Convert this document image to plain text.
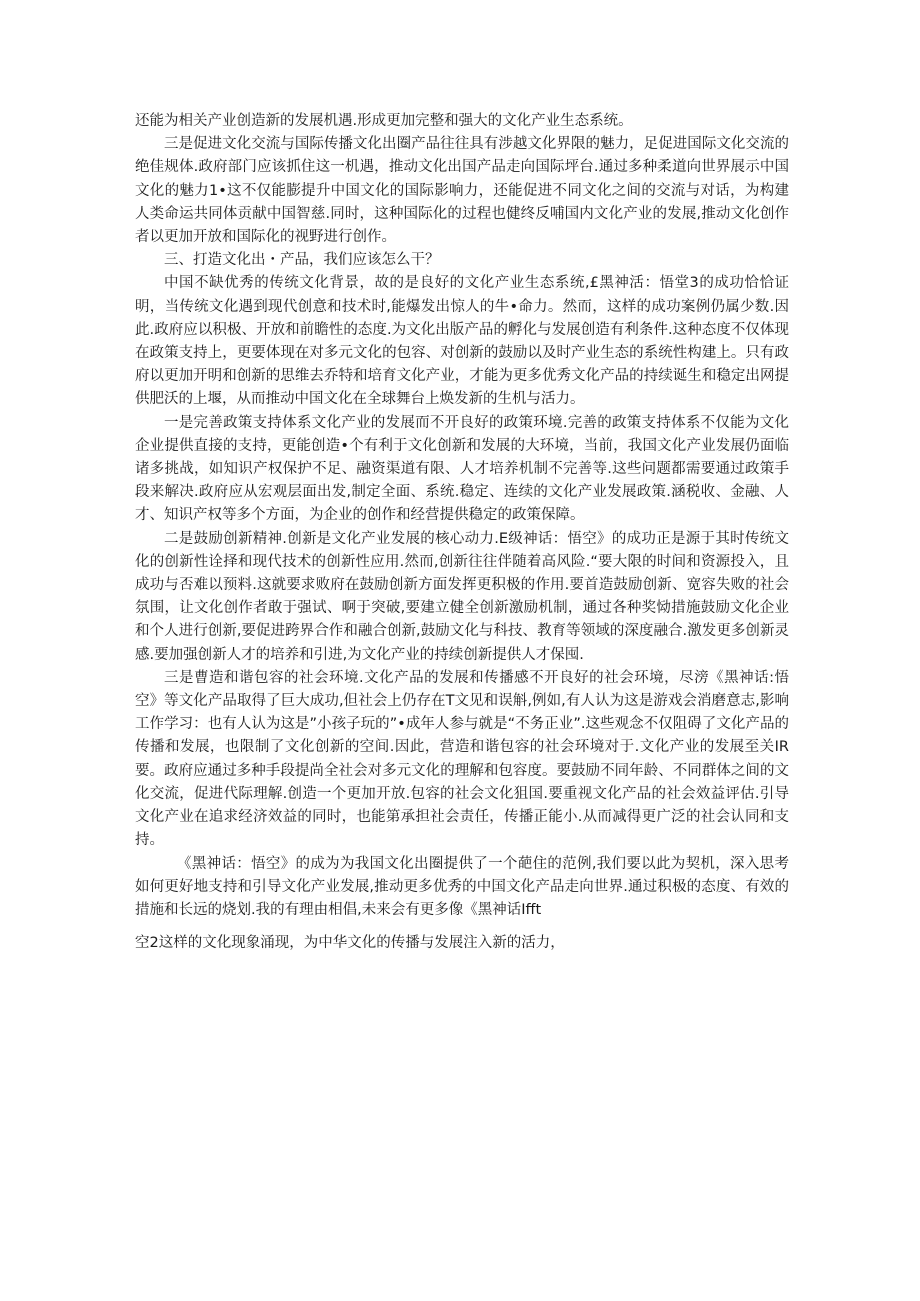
还能为相关产业创造新的发展机遇.形成更加完整和强大的文化产业生态系统。

三是促进文化交流与国际传播文化出圈产品往往具有涉越文化界限的魅力，足促进国际文化交流的绝佳规体.政府部门应该抓住这一机遇，推动文化出国产品走向国际坪台.通过多种柔道向世界展示中国文化的魅力1•这不仅能膨提升中国文化的国际影响力，还能促进不同文化之间的交流与对话，为构建人类命运共同体贡献中国智慈.同时，这种国际化的过程也健终反哺国内文化产业的发展,推动文化创作者以更加开放和国际化的视野进行创作。

三、打造文化出・产品，我们应该怎么干？

中国不缺优秀的传统文化背景，故的是良好的文化产业生态系统,£黑神活：悟堂3的成功恰恰证明，当传统文化遇到现代创意和技术时,能爆发出惊人的牛•命力。然而，这样的成功案例仍属少数.因此.政府应以积极、开放和前瞻性的态度.为文化出版产品的孵化与发展创造有利条件.这种态度不仅体现在政策支持上，更要体现在对多元文化的包容、对创新的鼓励以及时产业生态的系统性构建上。只有政府以更加开明和创新的思维去乔特和培育文化产业，才能为更多优秀文化产品的持续诞生和稳定出网提供肥沃的上堰，从而推动中国文化在全球舞台上焕发新的生机与活力。

一是完善政策支持体系文化产业的发展而不开良好的政策环境.完善的政策支持体系不仅能为文化企业提供直接的支持，更能创造•个有利于文化创新和发展的大环境，当前，我国文化产业发展仍面临诸多挑战，如知识产权保护不足、融资渠道有限、人才培养机制不完善等.这些问题都需要通过政策手段来解决.政府应从宏观层面出发,制定全面、系统.稳定、连续的文化产业发展政策.涵税收、金融、人才、知识产权等多个方面，为企业的创作和经营提供稳定的政策保障。

二是鼓励创新精神.创新是文化产业发展的核心动力.E级神话：悟空》的成功正是源于其时传统文化的创新性诠择和现代技术的创新性应用.然而,创新往往伴随着高风险.“要大限的时间和资源投入，且成功与否难以预料.这就要求败府在鼓励创新方面发挥更积极的作用.要首造鼓励创新、宽容失败的社会氛围，让文化创作者敢于强试、啊于突破,要建立健全创新激励机制，通过各种奖恸措施鼓励文化企业和个人进行创新,要促进跨界合作和融合创新,鼓励文化与科技、教育等领域的深度融合.激发更多创新灵感.要加强创新人才的培养和引进,为文化产业的持续创新提供人才保囤.

三是曹造和谐包容的社会环境.文化产品的发展和传播感不开良好的社会环境，尽滂《黑神话:悟空》等文化产品取得了巨大成功,但社会上仍存在T文见和误斛,例如,有人认为这是游戏会消磨意志,影响工作学习：也有人认为这是”小孩子玩的”•成年人参与就是“不务正业”.这些观念不仅阻碍了文化产品的传播和发展，也限制了文化创新的空间.因此，营造和谐包容的社会环境对于.文化产业的发展至关IR要。政府应通过多种手段提尚全社会对多元文化的理解和包容度。要鼓励不同年龄、不同群体之间的文化交流，促进代际理解.创造一个更加开放.包容的社会文化狙国.要重视文化产品的社会效益评估.引导文化产业在追求经济效益的同时，也能第承担社会责任，传播正能小.从而减得更广泛的社会认同和支持。

《黑神话：悟空》的成为为我国文化出圈提供了一个葩住的范例,我们要以此为契机，深入思考如何更好地支持和引导文化产业发展,推动更多优秀的中国文化产品走向世界.通过积极的态度、有效的措施和长远的烧划.我的有理由相倡,未来会有更多像《黑神话Ifft

空2这样的文化现象涌现，为中华文化的传播与发展注入新的活力，
